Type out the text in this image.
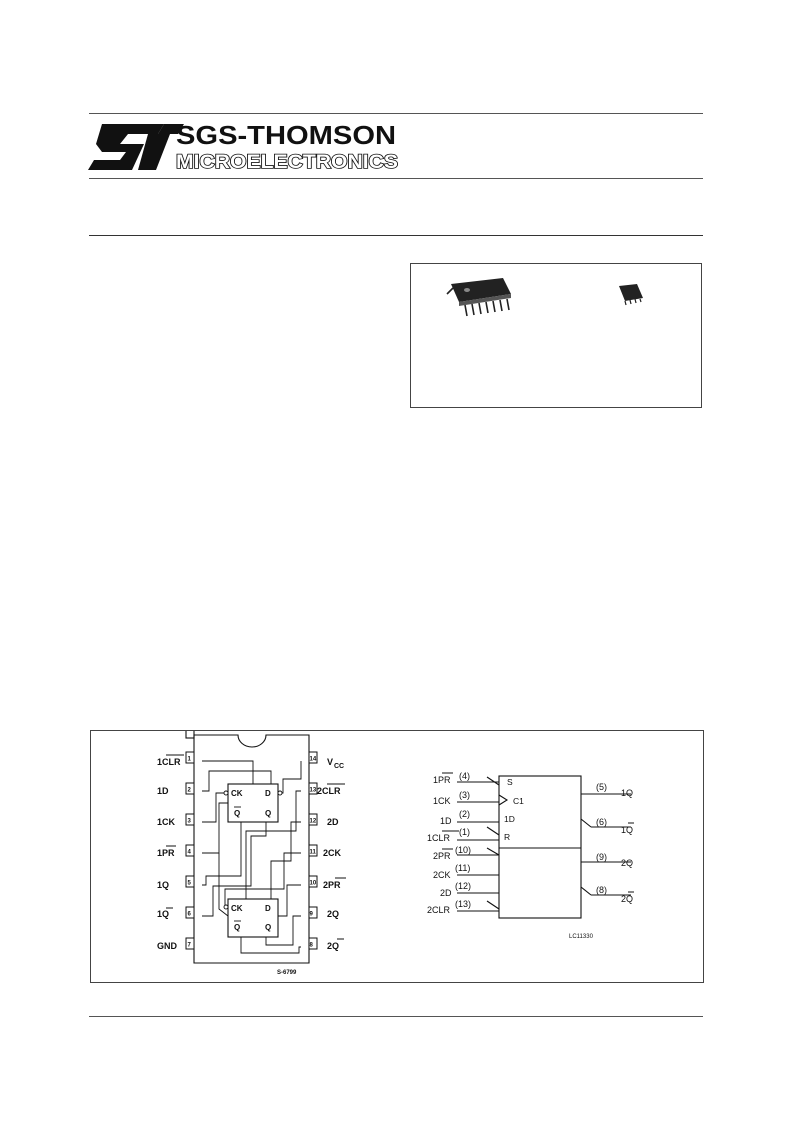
SGS-THOMSON
MICROELECTRONICS
1
2
3
4
5
6
7
14
13
12
11
10
9
8
1CLR
1D
1CK
1PR
1Q
1Q
GND
V CC
2CLR
2D
2CK
2PR
2Q
2Q
CK	D
Q	Q
CK	D
Q	Q
S-6799
S
C1
1D
R
1PR (4)
1CK
(3)
1D
(2)
1CLR
(1)
2PR
(10)
2CK
(11)
2D
(12)
2CLR
(13)
(5)
1Q
(6)
1Q
(9)
2Q
(8)
2Q
LC11330
